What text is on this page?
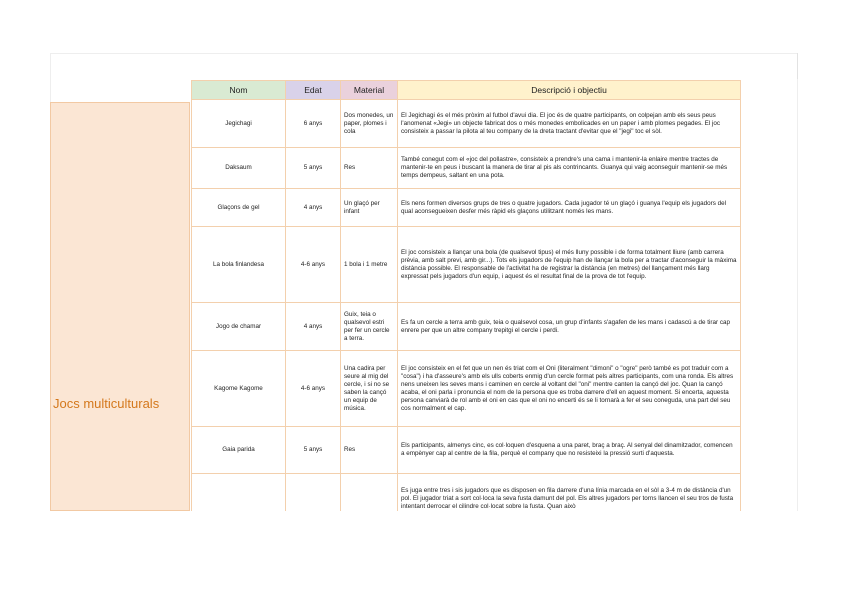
Jocs multiculturals
Nom	Edat	Material	Descripció i objectiu
Jegichagi	6 anys	Dos monedes, un paper, plomes i cola	El Jegichagi és el més pròxim al futbol d'avui dia. El joc és de quatre participants, on colpejan amb els seus peus l'anomenat «Jegi» un objecte fabricat dos o més monedes embolicades en un paper i amb plomes pegades. El joc consisteix a passar la pilota al teu company de la dreta tractant d'evitar que el "jegi" toc el sòl.
Daksaum	5 anys	Res	També conegut com el «joc del pollastre», consisteix a prendre's una cama i mantenir-la enlaire mentre tractes de mantenir-te en peus i buscant la manera de tirar al pis als contrincants. Guanya qui vaig aconseguir mantenir-se més temps dempeus, saltant en una pota.
Glaçons de gel	4 anys	Un glaçó per infant	Els nens formen diversos grups de tres o quatre jugadors. Cada jugador té un glaçó i guanya l'equip els jugadors del qual aconsegueixen desfer més ràpid els glaçons utilitzant només les mans.
La bola finlandesa	4-6 anys	1 bola i 1 metre	El joc consisteix a llançar una bola (de qualsevol tipus) el més lluny possible i de forma totalment lliure (amb carrera prèvia, amb salt previ, amb gir...). Tots els jugadors de l'equip han de llançar la bola per a tractar d'aconseguir la màxima distància possible. El responsable de l'activitat ha de registrar la distància (en metres) del llançament més llarg expressat pels jugadors d'un equip, i aquest és el resultat final de la prova de tot l'equip.
Jogo de chamar	4 anys	Guix, teia o qualsevol estri per fer un cercle a terra.	Es fa un cercle a terra amb guix, teia o qualsevol cosa, un grup d'infants s'agafen de les mans i cadascú a de tirar cap enrere per que un altre company trepitgi el cercle i perdi.
Kagome Kagome	4-6 anys	Una cadira per seure al mig del cercle, i si no se saben la cançó un equip de música.	El joc consisteix en el fet que un nen és triat com el Oni (literalment "dimoni" o "ogre" però també es pot traduir com a "cosa") i ha d'asseure's amb els ulls coberts enmig d'un cercle format pels altres participants, com una ronda. Els altres nens uneixen les seves mans i caminen en cercle al voltant del "oni" mentre canten la cançó del joc. Quan la cançó acaba, el oni parla i pronuncia el nom de la persona que es troba darrere d'ell en aquest moment. Si encerta, aquesta persona canviarà de rol amb el oni en cas que el oni no encerti és se li tornarà a fer el seu coneguda, una part del seu cos normalment el cap.
Gaia parida	5 anys	Res	Els participants, almenys cinc, es col·loquen d'esquena a una paret, braç a braç. Al senyal del dinamitzador, comencen a empènyer cap al centre de la fila, perquè el company que no resisteixi la pressió surti d'aquesta.
			Es juga entre tres i sis jugadors que es disposen en fila darrere d'una línia marcada en el sòl a 3-4 m de distància d'un pol. El jugador triat a sort col·loca la seva fusta damunt del pol. Els altres jugadors per torns llancen el seu tros de fusta intentant derrocar el cilindre col·locat sobre la fusta. Quan això
